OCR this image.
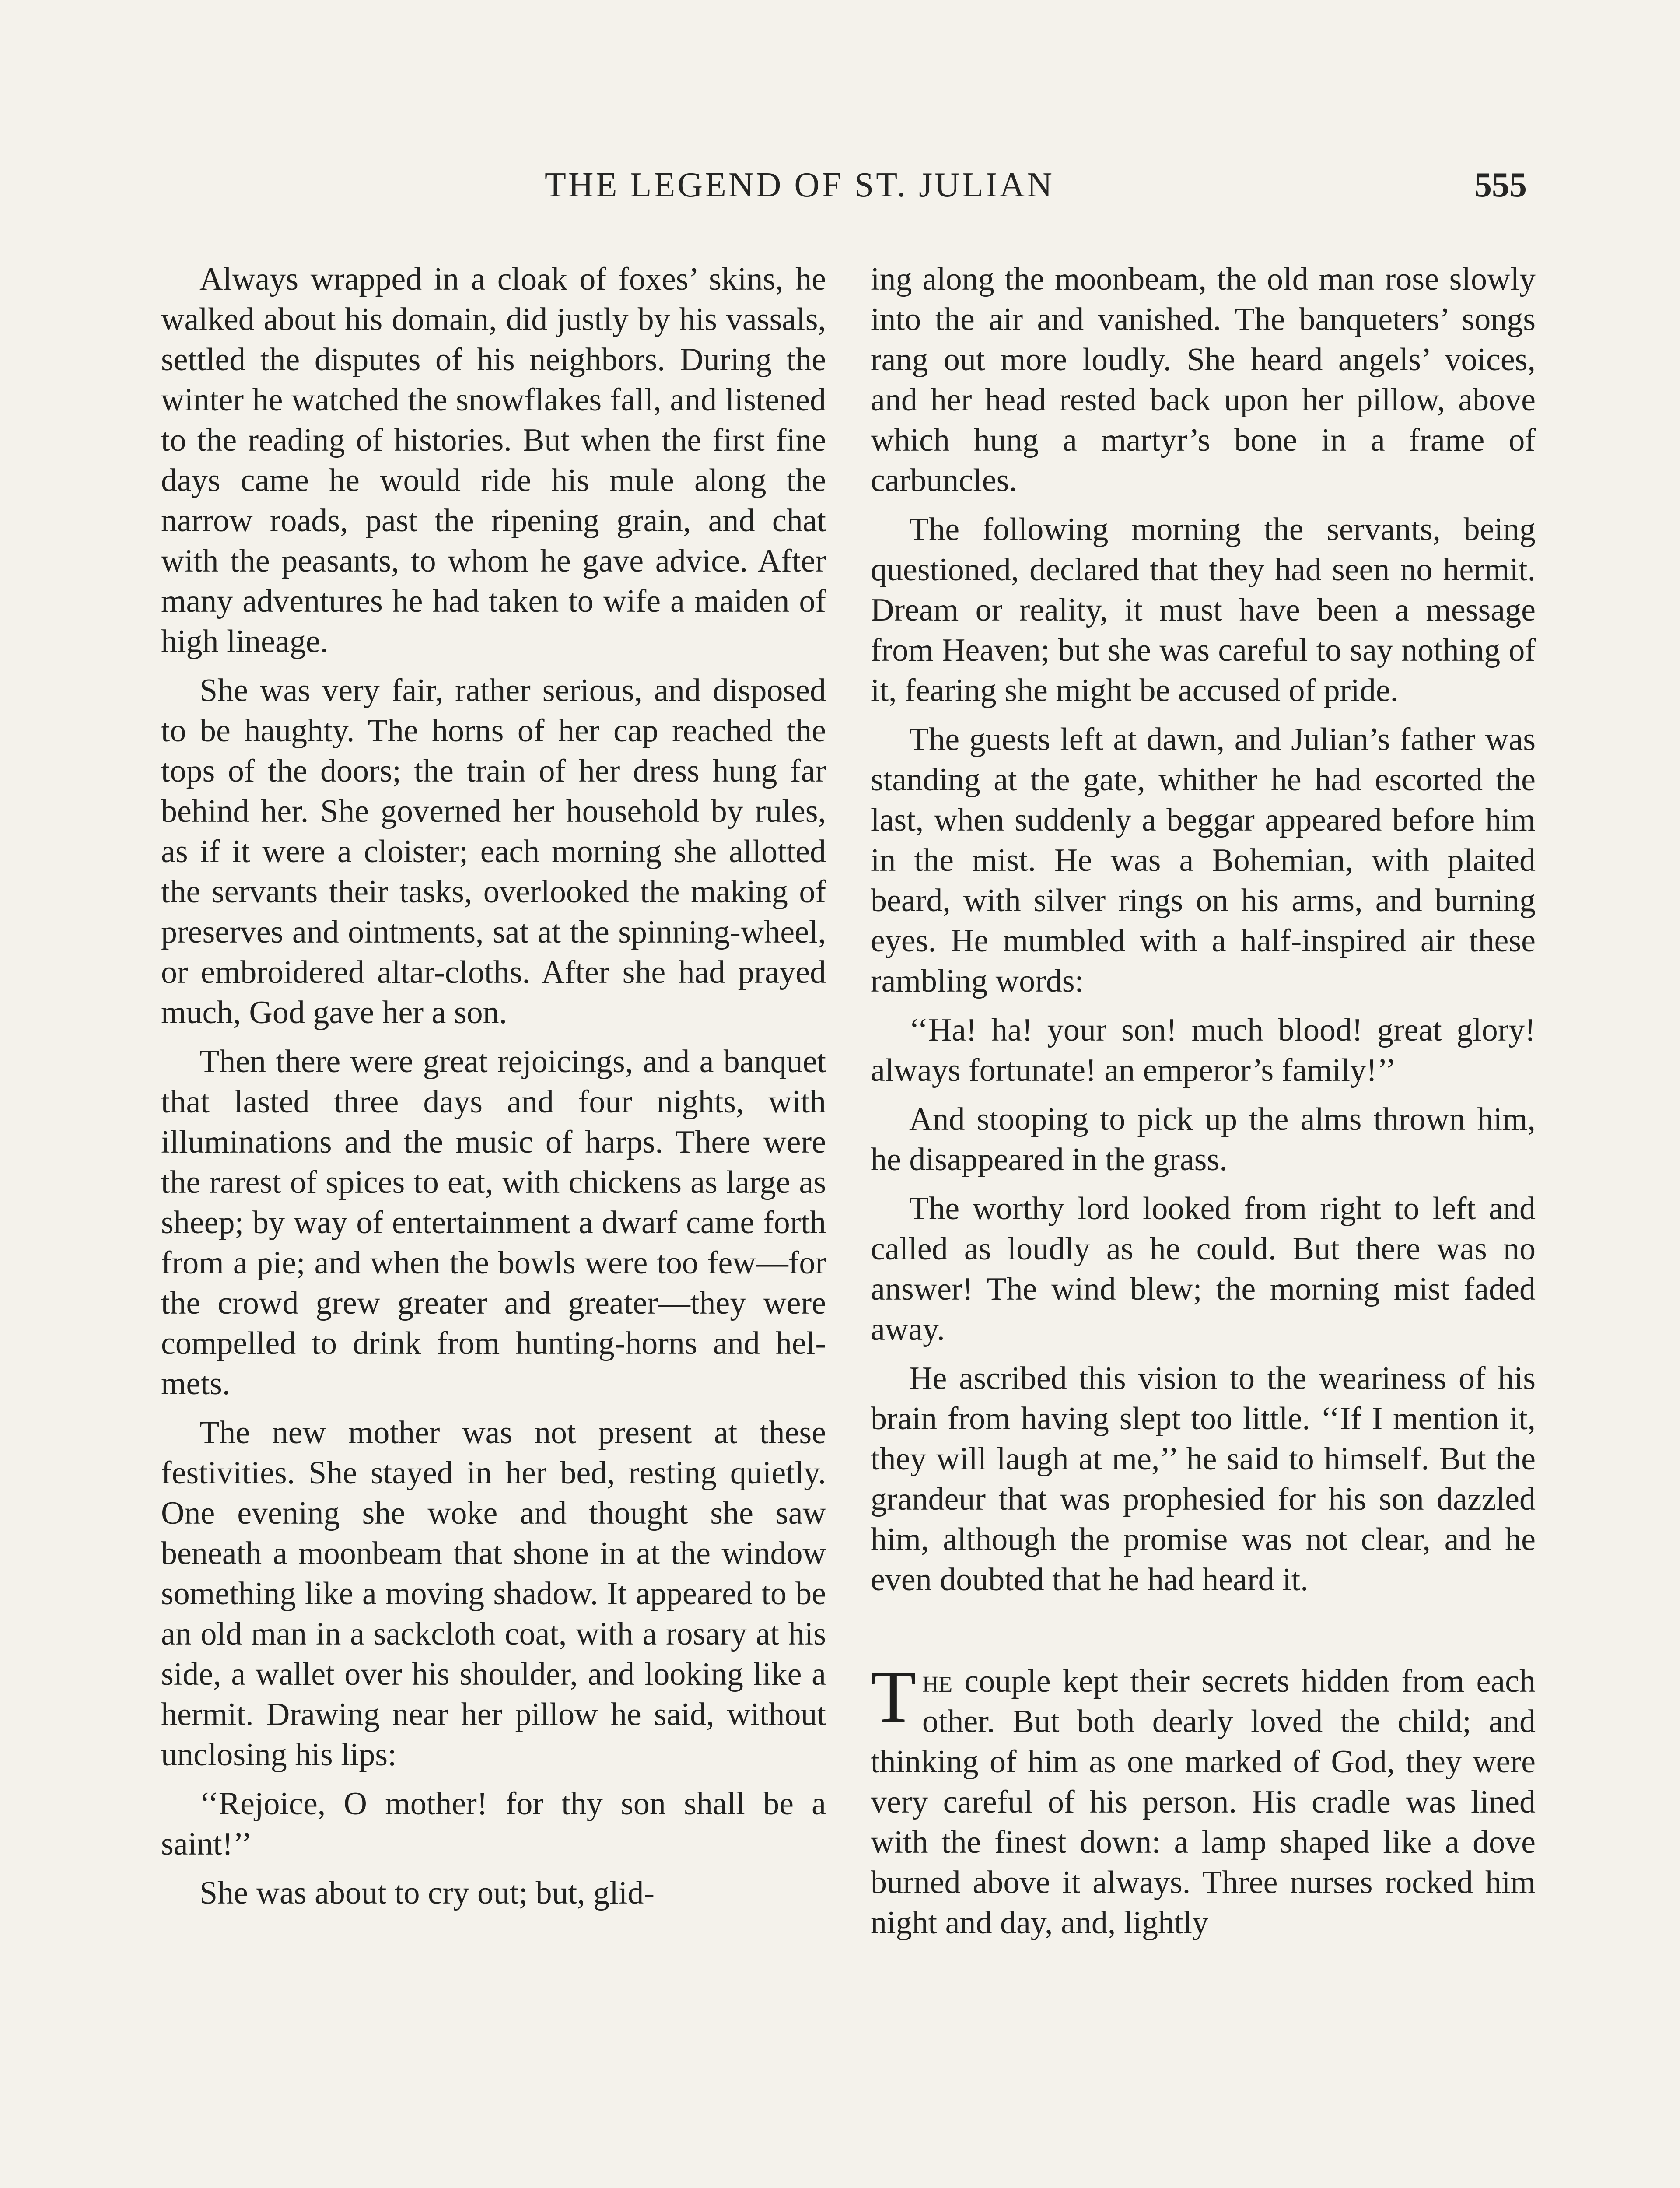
THE LEGEND OF ST. JULIAN	555

Always wrapped in a cloak of foxes’ skins, he walked about his domain, did justly by his vassals, settled the disputes of his neighbors. During the winter he watched the snowflakes fall, and listened to the reading of histories. But when the first fine days came he would ride his mule along the narrow roads, past the ripening grain, and chat with the peasants, to whom he gave advice. After many adventures he had taken to wife a maiden of high lineage.

She was very fair, rather serious, and disposed to be haughty. The horns of her cap reached the tops of the doors; the train of her dress hung far behind her. She governed her household by rules, as if it were a cloister; each morning she allotted the servants their tasks, overlooked the making of preserves and ointments, sat at the spinning-wheel, or embroidered altar-cloths. After she had prayed much, God gave her a son.

Then there were great rejoicings, and a banquet that lasted three days and four nights, with illuminations and the music of harps. There were the rarest of spices to eat, with chickens as large as sheep; by way of entertainment a dwarf came forth from a pie; and when the bowls were too few—for the crowd grew greater and greater—they were compelled to drink from hunting-horns and helmets.

The new mother was not present at these festivities. She stayed in her bed, resting quietly. One evening she woke and thought she saw beneath a moonbeam that shone in at the window something like a moving shadow. It appeared to be an old man in a sackcloth coat, with a rosary at his side, a wallet over his shoulder, and looking like a hermit. Drawing near her pillow he said, without unclosing his lips:

‘‘Rejoice, O mother! for thy son shall be a saint!’’

She was about to cry out; but, glid-

ing along the moonbeam, the old man rose slowly into the air and vanished. The banqueters’ songs rang out more loudly. She heard angels’ voices, and her head rested back upon her pillow, above which hung a martyr’s bone in a frame of carbuncles.

The following morning the servants, being questioned, declared that they had seen no hermit. Dream or reality, it must have been a message from Heaven; but she was careful to say nothing of it, fearing she might be accused of pride.

The guests left at dawn, and Julian’s father was standing at the gate, whither he had escorted the last, when suddenly a beggar appeared before him in the mist. He was a Bohemian, with plaited beard, with silver rings on his arms, and burning eyes. He mumbled with a half-inspired air these rambling words:

‘‘Ha! ha! your son! much blood! great glory! always fortunate! an emperor’s family!’’

And stooping to pick up the alms thrown him, he disappeared in the grass.

The worthy lord looked from right to left and called as loudly as he could. But there was no answer! The wind blew; the morning mist faded away.

He ascribed this vision to the weariness of his brain from having slept too little. ‘‘If I mention it, they will laugh at me,’’ he said to himself. But the grandeur that was prophesied for his son dazzled him, although the promise was not clear, and he even doubted that he had heard it.

The couple kept their secrets hidden from each other. But both dearly loved the child; and thinking of him as one marked of God, they were very careful of his person. His cradle was lined with the finest down: a lamp shaped like a dove burned above it always. Three nurses rocked him night and day, and, lightly
